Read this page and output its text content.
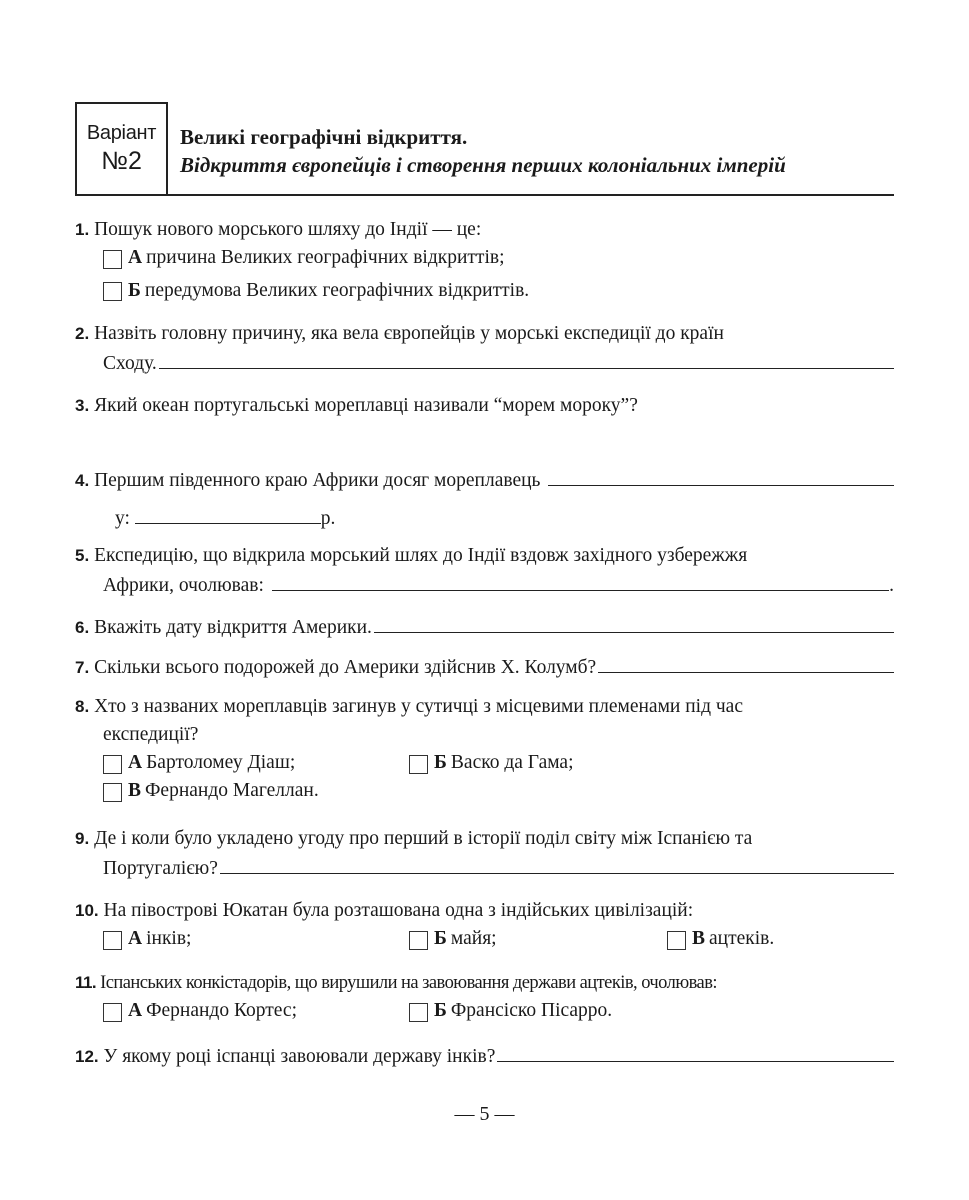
Варіант
№2
Великі географічні відкриття.
Відкриття європейців і створення перших колоніальних імперій
1. Пошук нового морського шляху до Індії — це:
А причина Великих географічних відкриттів;
Б передумова Великих географічних відкриттів.
2. Назвіть головну причину, яка вела європейців у морські експедиції до країн
Сходу.
3. Який океан португальські мореплавці називали “морем мороку”?
4.
Першим південного краю Африки досяг мореплавець
у:	р.
5. Експедицію, що відкрила морський шлях до Індії вздовж західного узбережжя
Африки, очолював:	.
6.
Вкажіть дату відкриття Америки.
7.
Скільки всього подорожей до Америки здійснив Х. Колумб?
8. Хто з названих мореплавців загинув у сутичці з місцевими племенами під час
експедиції?
А Бартоломеу Діаш;	Б Васко да Гама;
В Фернандо Магеллан.
9. Де і коли було укладено угоду про перший в історії поділ світу між Іспанією та
Португалією?
10. На півострові Юкатан була розташована одна з індійських цивілізацій:
А інків;	Б майя;	В ацтеків.
11. Іспанських конкістадорів, що вирушили на завоювання держави ацтеків, очолював:
А Фернандо Кортес;	Б Франсіско Пісарро.
12.
У якому році іспанці завоювали державу інків?
— 5 —
